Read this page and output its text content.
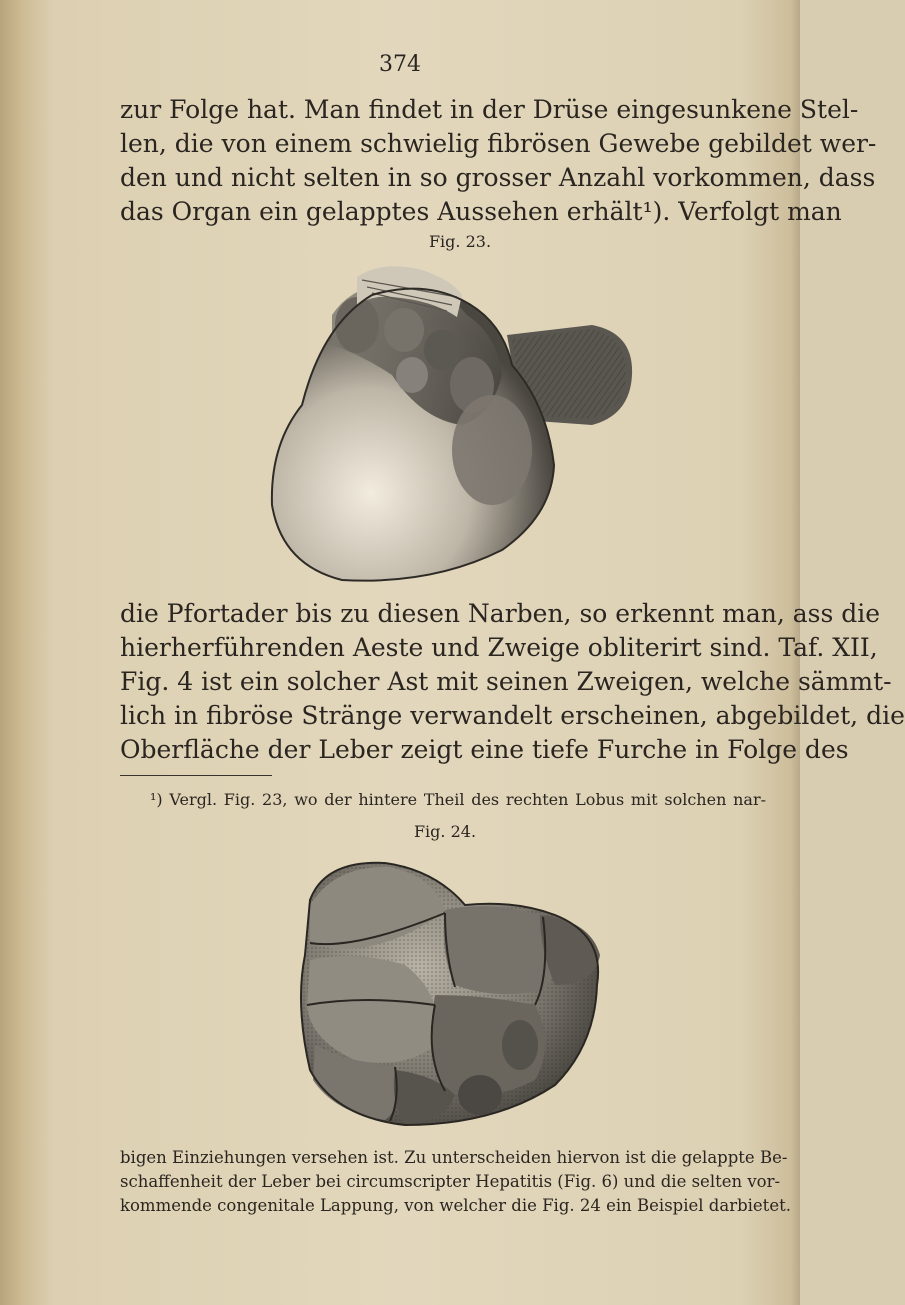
374
zur Folge hat. Man findet in der Drüse eingesunkene Stel-
len, die von einem schwielig fibrösen Gewebe gebildet wer-
den und nicht selten in so grosser Anzahl vorkommen, dass
das Organ ein gelapptes Aussehen erhält¹). Verfolgt man
Fig. 23.
die Pfortader bis zu diesen Narben, so erkennt man, ass die
hierherführenden Aeste und Zweige obliterirt sind. Taf. XII,
Fig. 4 ist ein solcher Ast mit seinen Zweigen, welche sämmt-
lich in fibröse Stränge verwandelt erscheinen, abgebildet, die
Oberfläche der Leber zeigt eine tiefe Furche in Folge des
¹) Vergl. Fig. 23, wo der hintere Theil des rechten Lobus mit solchen nar-
Fig. 24.
bigen Einziehungen versehen ist. Zu unterscheiden hiervon ist die gelappte Be-
schaffenheit der Leber bei circumscripter Hepatitis (Fig. 6) und die selten vor-
kommende congenitale Lappung, von welcher die Fig. 24 ein Beispiel darbietet.
